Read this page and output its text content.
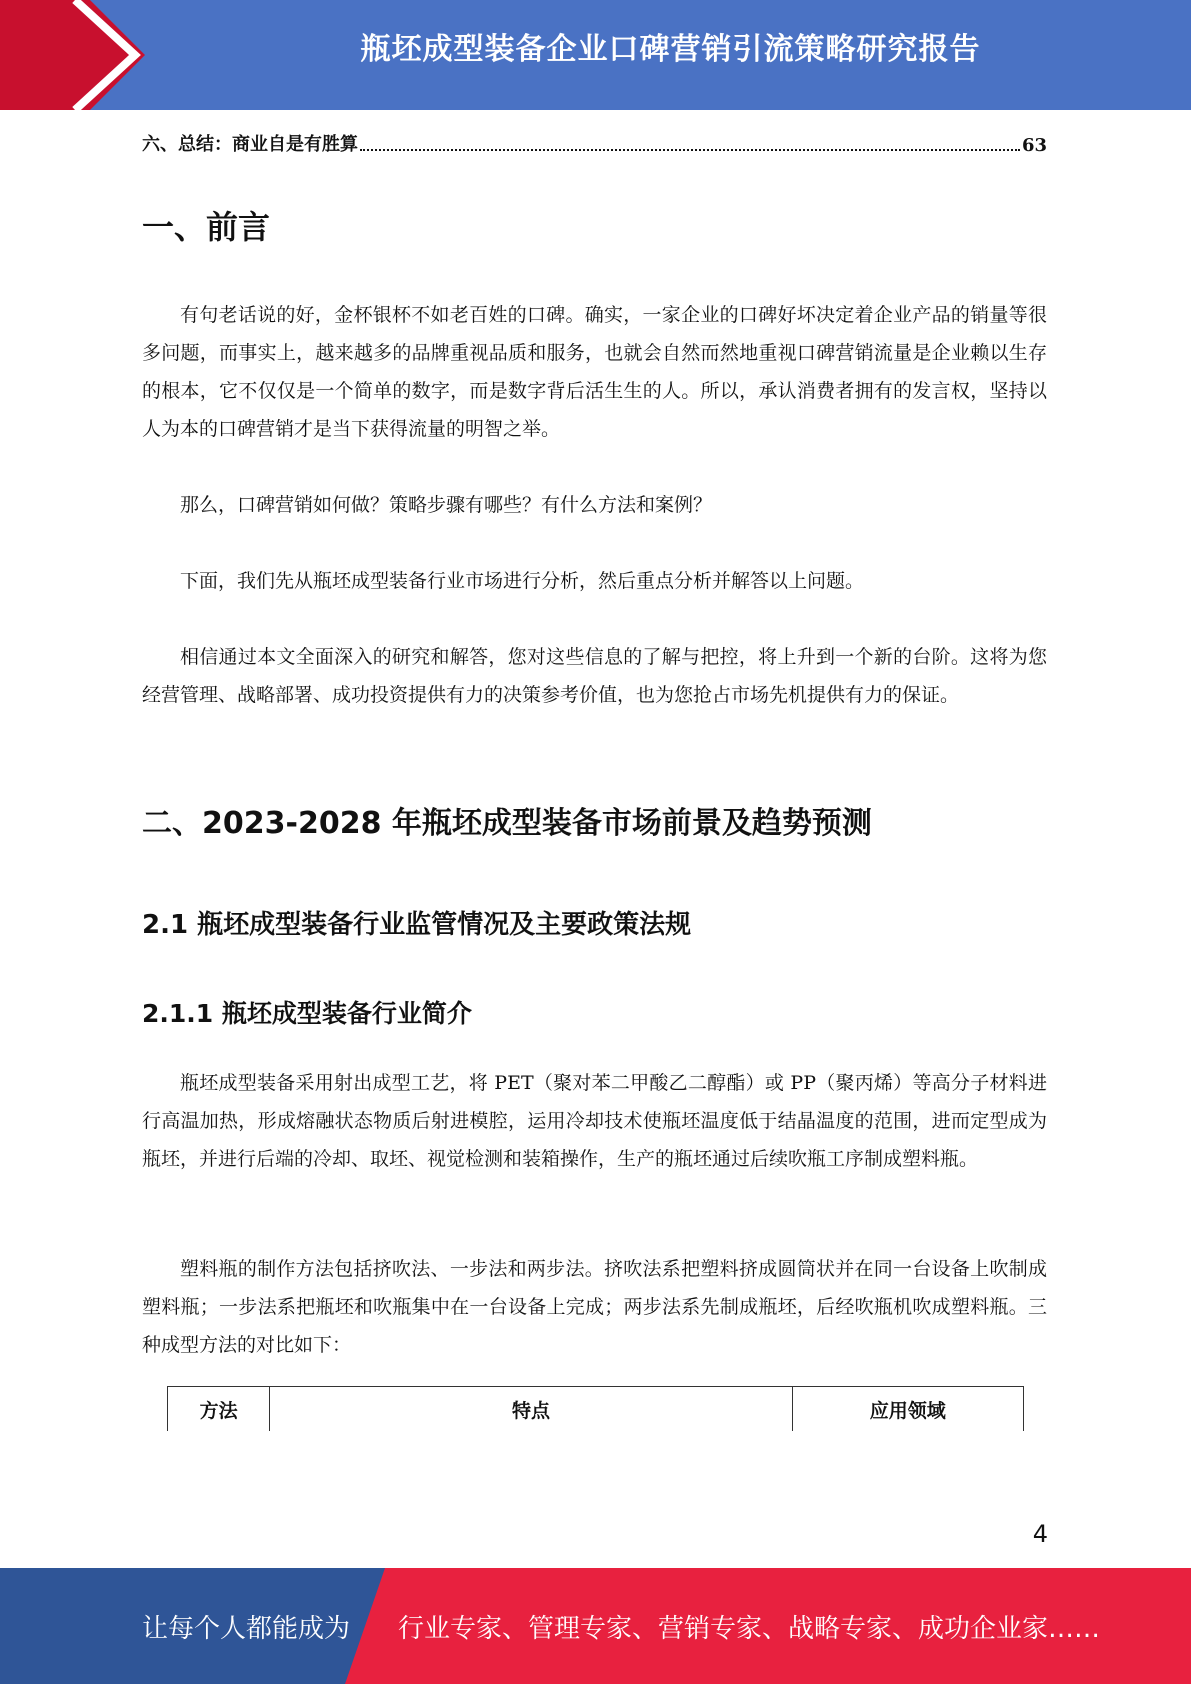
瓶坯成型装备企业口碑营销引流策略研究报告
六、总结：商业自是有胜算	63
一、前言

有句老话说的好，金杯银杯不如老百姓的口碑。确实，一家企业的口碑好坏决定着企业产品的销量等很多问题，而事实上，越来越多的品牌重视品质和服务，也就会自然而然地重视口碑营销流量是企业赖以生存的根本，它不仅仅是一个简单的数字，而是数字背后活生生的人。所以，承认消费者拥有的发言权，坚持以人为本的口碑营销才是当下获得流量的明智之举。

那么，口碑营销如何做？策略步骤有哪些？有什么方法和案例？

下面，我们先从瓶坯成型装备行业市场进行分析，然后重点分析并解答以上问题。

相信通过本文全面深入的研究和解答，您对这些信息的了解与把控，将上升到一个新的台阶。这将为您经营管理、战略部署、成功投资提供有力的决策参考价值，也为您抢占市场先机提供有力的保证。

二、2023-2028 年瓶坯成型装备市场前景及趋势预测
2.1 瓶坯成型装备行业监管情况及主要政策法规
2.1.1 瓶坯成型装备行业简介

瓶坯成型装备采用射出成型工艺，将 PET（聚对苯二甲酸乙二醇酯）或 PP（聚丙烯）等高分子材料进行高温加热，形成熔融状态物质后射进模腔，运用冷却技术使瓶坯温度低于结晶温度的范围，进而定型成为瓶坯，并进行后端的冷却、取坯、视觉检测和装箱操作，生产的瓶坯通过后续吹瓶工序制成塑料瓶。

塑料瓶的制作方法包括挤吹法、一步法和两步法。挤吹法系把塑料挤成圆筒状并在同一台设备上吹制成塑料瓶；一步法系把瓶坯和吹瓶集中在一台设备上完成；两步法系先制成瓶坯，后经吹瓶机吹成塑料瓶。三种成型方法的对比如下：

方法	特点	应用领域
4
让每个人都能成为 行业专家、管理专家、营销专家、战略专家、成功企业家……
